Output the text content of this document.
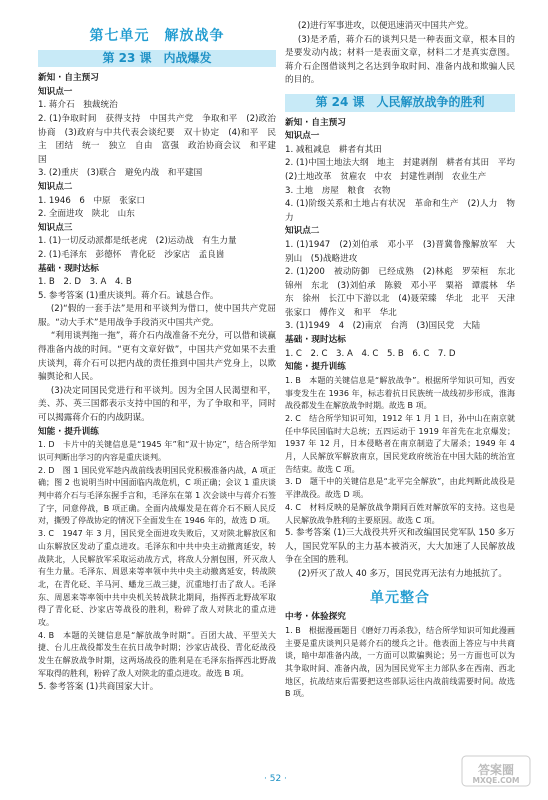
第七单元　解放战争
第 23 课　内战爆发

新知 · 自主预习

知识点一

1. 蒋介石　独裁统治

2. (1)争取时间　获得支持　中国共产党　争取和平　(2)政治协商　(3)政府与中共代表会谈纪要　双十协定　(4)和平　民主　团结　统一　独立　自由　富强　政治协商会议　和平建国

3. (2)重庆　(3)联合　避免内战　和平建国

知识点二

1. 1946　6　中原　张家口

2. 全面进攻　陕北　山东

知识点三

1. (1)一切反动派都是纸老虎　(2)运动战　有生力量

2. (1)毛泽东　彭德怀　青化砭　沙家店　孟良崮

基础 · 现时达标

1. B　2. D　3. A　4. B

5. 参考答案 (1)重庆谈判。蒋介石。诚恳合作。

(2)“假的一套手法”是用和平谈判为借口，使中国共产党屈服。“动大手术”是用战争手段消灭中国共产党。

“利用谈判拖一拖”，蒋介石内战准备不充分，可以借和谈赢得准备内战的时间。“更有文章好做”，中国共产党如果不去重庆谈判，蒋介石可以把内战的责任推到中国共产党身上，以欺骗舆论和人民。

(3)决定同国民党进行和平谈判。因为全国人民渴望和平，美、苏、英三国都表示支持中国的和平，为了争取和平，同时可以揭露蒋介石的内战阴谋。

知能 · 提升训练

1. D　卡片中的关键信息是“1945 年”和“双十协定”，结合所学知识可判断出学习的内容是重庆谈判。

2. D　图 1 国民党军趁内战前线表明国民党积极准备内战，A 项正确；图 2 也说明当时中国面临内战危机，C 项正确；会议 1 重庆谈判中蒋介石与毛泽东握手言和，毛泽东在第 1 次会谈中与蒋介石签了字，同意停战，B 项正确。全面内战爆发是在蒋介石不顾人民反对，撕毁了停战协定的情况下全面发生在 1946 年的，故选 D 项。

3. C　1947 年 3 月，国民党全面进攻失败后，又对陕北解放区和山东解放区发动了重点进攻。毛泽东和中共中央主动撤离延安，转战陕北，人民解放军采取运动战方式，将敌人分割包围，歼灭敌人有生力量。毛泽东、周恩来等率领中共中央主动撤离延安，转战陕北，在青化砭、羊马河、蟠龙三战三捷，沉重地打击了敌人。毛泽东、周恩来等率领中共中央机关转战陕北期间，指挥西北野战军取得了青化砭、沙家店等战役的胜利，粉碎了敌人对陕北的重点进攻。

4. B　本题的关键信息是“解放战争时期”。百团大战、平型关大捷、台儿庄战役都发生在抗日战争时期；沙家店战役、青化砭战役发生在解放战争时期，这两场战役的胜利是在毛泽东指挥西北野战军取得的胜利，粉碎了敌人对陕北的重点进攻。故选 B 项。

5. 参考答案 (1)共商国家大计。

(2)进行军事进攻，以便迅速消灭中国共产党。

(3)是矛盾，蒋介石的谈判只是一种表面文章，根本目的是要发动内战；材料一是表面文章，材料二才是真实意图。蒋介石企图借谈判之名达到争取时间、准备内战和欺骗人民的目的。

第 24 课　人民解放战争的胜利

新知 · 自主预习

知识点一

1. 减租减息　耕者有其田

2. (1)中国土地法大纲　地主　封建剥削　耕者有其田　平均　(2)土地改革　贫雇农　中农　封建性剥削　农业生产

3. 土地　房屋　粮食　衣物

4. (1)阶级关系和土地占有状况　革命和生产　(2)人力　物力

知识点二

1. (1)1947　(2)刘伯承　邓小平　(3)晋冀鲁豫解放军　大别山　(5)战略进攻

2. (1)200　被动防御　已经成熟　(2)林彪　罗荣桓　东北　锦州　东北　(3)刘伯承　陈毅　邓小平　粟裕　谭震林　华东　徐州　长江中下游以北　(4)聂荣臻　华北　北平　天津　张家口　傅作义　和平　华北

3. (1)1949　4　(2)南京　台湾　(3)国民党　大陆

基础 · 现时达标

1. C　2. C　3. A　4. C　5. B　6. C　7. D

知能 · 提升训练

1. B　本题的关键信息是“解放战争”。根据所学知识可知，西安事变发生在 1936 年，标志着抗日民族统一战线初步形成，淮海战役都发生在解放战争时期。故选 B 项。

2. C　结合所学知识可知，1912 年 1 月 1 日，孙中山在南京就任中华民国临时大总统；五四运动于 1919 年首先在北京爆发；1937 年 12 月，日本侵略者在南京制造了大屠杀；1949 年 4 月，人民解放军解放南京，国民党政府统治在中国大陆的统治宣告结束。故选 C 项。

3. D　题干中的关键信息是“北平完全解放”，由此判断此战役是平津战役。故选 D 项。

4. C　材料反映的是解放战争期间百姓对解放军的支持。这也是人民解放战争胜利的主要原因。故选 C 项。

5. 参考答案 (1)三大战役共歼灭和改编国民党军队 150 多万人，国民党军队的主力基本被消灭，大大加速了人民解放战争在全国的胜利。

(2)歼灭了敌人 40 多万，国民党再无法有力地抵抗了。

单元整合

中考 · 体验探究

1. B　根据漫画题目《磨好刀再杀我》，结合所学知识可知此漫画主要是重庆谈判只是蒋介石的缓兵之计。他表面上答应与中共商谈，暗中却准备内战，一方面可以欺骗舆论；另一方面也可以为其争取时间、准备内战，因为国民党军主力部队多在西南、西北地区，抗战结束后需要把这些部队运往内战前线需要时间。故选 B 项。

· 52 ·
答案圈
MXQE.COM
